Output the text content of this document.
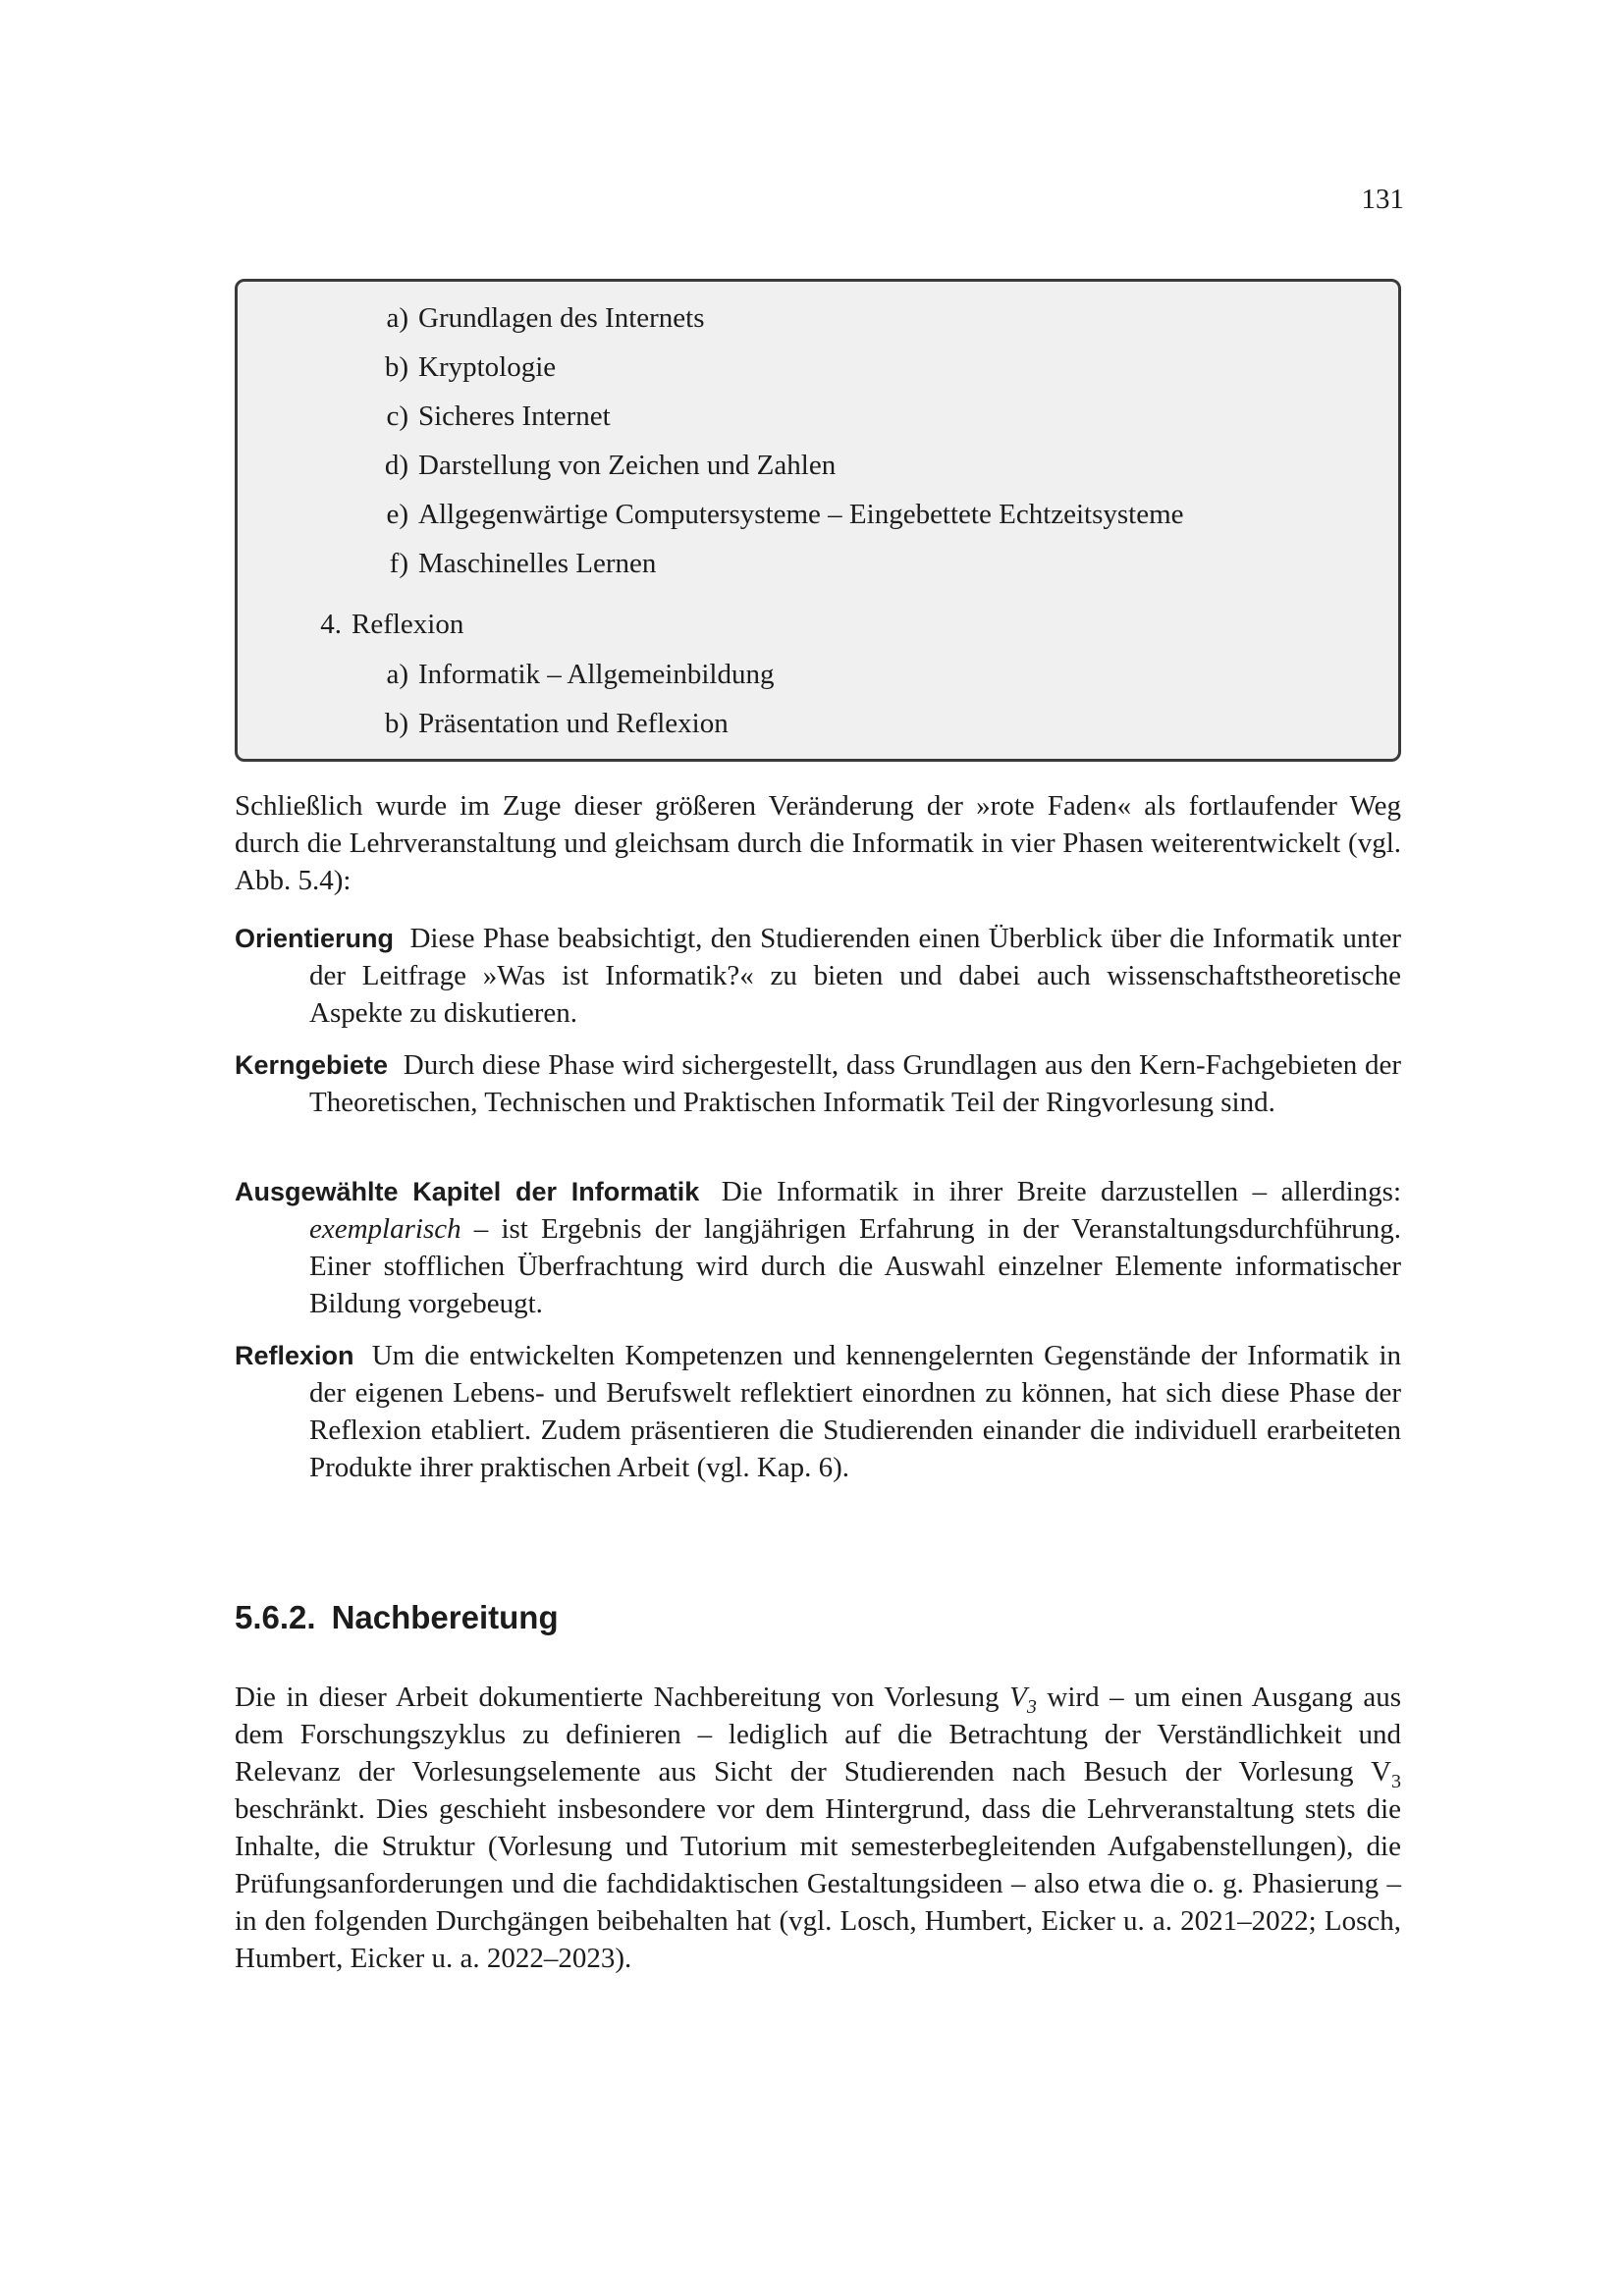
131
a) Grundlagen des Internets
b) Kryptologie
c) Sicheres Internet
d) Darstellung von Zeichen und Zahlen
e) Allgegenwärtige Computersysteme – Eingebettete Echtzeitsysteme
f) Maschinelles Lernen
4. Reflexion
a) Informatik – Allgemeinbildung
b) Präsentation und Reflexion

Schließlich wurde im Zuge dieser größeren Veränderung der »rote Faden« als fortlaufender Weg durch die Lehrveranstaltung und gleichsam durch die Informatik in vier Phasen weiterentwickelt (vgl. Abb. 5.4):

Orientierung Diese Phase beabsichtigt, den Studierenden einen Überblick über die Informatik unter der Leitfrage »Was ist Informatik?« zu bieten und dabei auch wissenschaftstheoretische Aspekte zu diskutieren.

Kerngebiete Durch diese Phase wird sichergestellt, dass Grundlagen aus den Kern-Fachgebieten der Theoretischen, Technischen und Praktischen Informatik Teil der Ringvorlesung sind.

Ausgewählte Kapitel der Informatik Die Informatik in ihrer Breite darzustellen – allerdings: exemplarisch – ist Ergebnis der langjährigen Erfahrung in der Veranstaltungsdurchführung. Einer stofflichen Überfrachtung wird durch die Auswahl einzelner Elemente informatischer Bildung vorgebeugt.

Reflexion Um die entwickelten Kompetenzen und kennengelernten Gegenstände der Informatik in der eigenen Lebens- und Berufswelt reflektiert einordnen zu können, hat sich diese Phase der Reflexion etabliert. Zudem präsentieren die Studierenden einander die individuell erarbeiteten Produkte ihrer praktischen Arbeit (vgl. Kap. 6).

5.6.2. Nachbereitung

Die in dieser Arbeit dokumentierte Nachbereitung von Vorlesung $V_3$ wird – um einen Ausgang aus dem Forschungszyklus zu definieren – lediglich auf die Betrachtung der Verständlichkeit und Relevanz der Vorlesungselemente aus Sicht der Studierenden nach Besuch der Vorlesung $V_3$ beschränkt. Dies geschieht insbesondere vor dem Hintergrund, dass die Lehrveranstaltung stets die Inhalte, die Struktur (Vorlesung und Tutorium mit semesterbegleitenden Aufgabenstellungen), die Prüfungsanforderungen und die fachdidaktischen Gestaltungsideen – also etwa die o. g. Phasierung – in den folgenden Durchgängen beibehalten hat (vgl. Losch, Humbert, Eicker u. a. 2021–2022; Losch, Humbert, Eicker u. a. 2022–2023).
